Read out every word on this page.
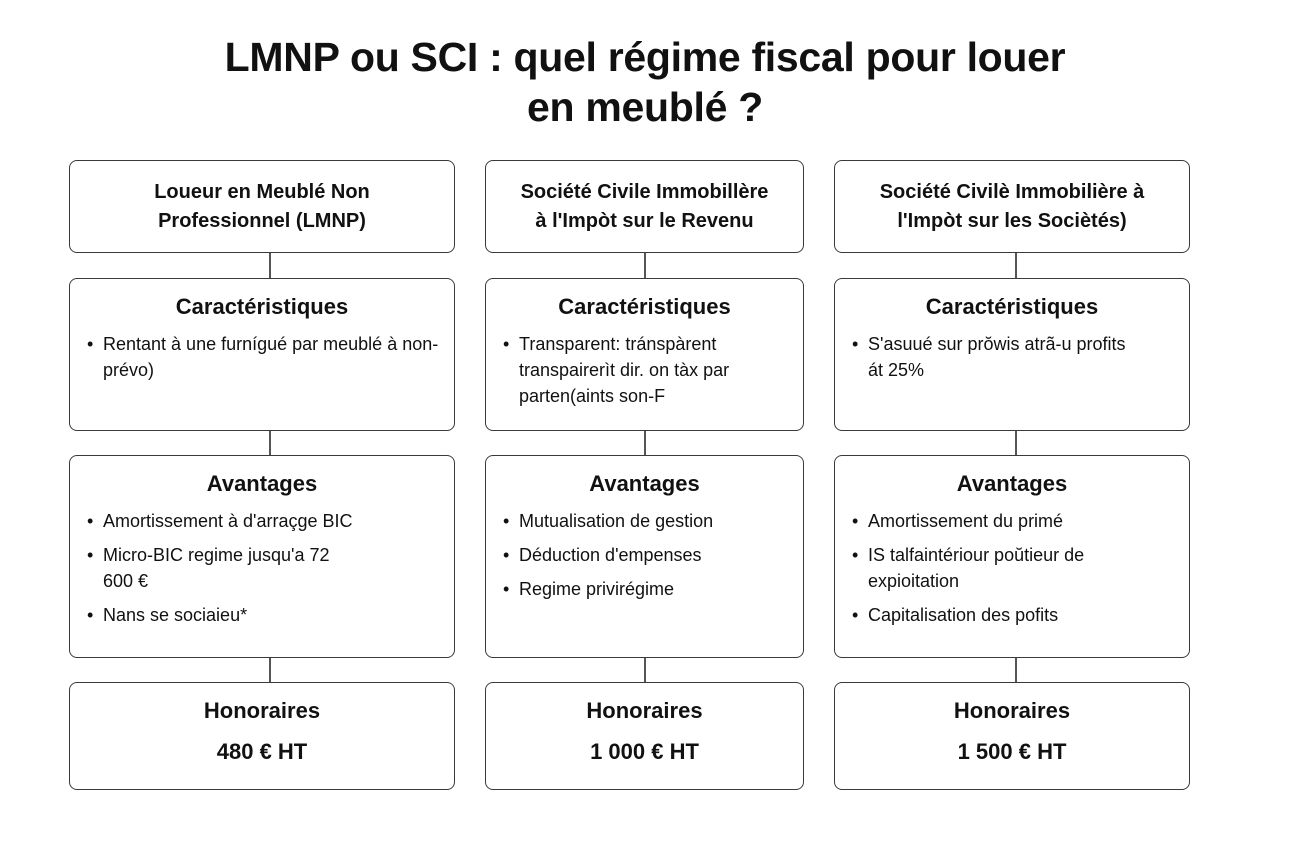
LMNP ou SCI : quel régime fiscal pour louer
en meublé ?
Loueur en Meublé Non
Professionnel (LMNP)
Caractéristiques
• Rentant à une furnígué par meublé à non-prévo)
Avantages
• Amortissement à d'arraçge BIC
• Micro-BIC regime jusqu'a 72 600 €
• Nans se sociaieu*
Honoraires
480 € HT
Société Civile Immobillère
à l'Impòt sur le Revenu
Caractéristiques
• Transparent: tránspàrent transpairerìt dir. on tàx par parten(aints son-F
Avantages
• Mutualisation de gestion
• Déduction d'empenses
• Regime privirégime
Honoraires
1 000 € HT
Société Civilè Immobilière à
l'Impòt sur les Sociètés)
Caractéristiques
• S'asuué sur prŏwis atrã-u profits át 25%
Avantages
• Amortissement du primé
• IS talfaintériour poŭtieur de expioitation
• Capitalisation des pofits
Honoraires
1 500 € HT
